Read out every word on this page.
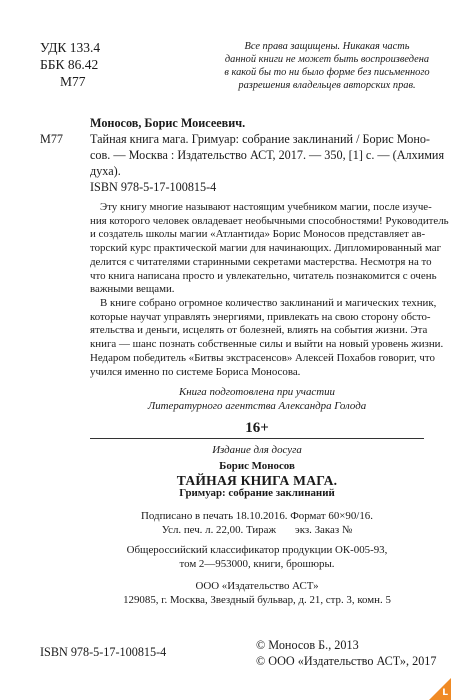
УДК 133.4
ББК 86.42
М77
Все права защищены. Никакая часть
данной книги не может быть воспроизведена
в какой бы то ни было форме без письменного
разрешения владельцев авторских прав.
Моносов, Борис Моисеевич.
М77	Тайная книга мага. Гримуар: собрание заклинаний / Борис Моно-
сов. — Москва : Издательство АСТ, 2017. — 350, [1] с. — (Алхимия
духа).
ISBN 978-5-17-100815-4
Эту книгу многие называют настоящим учебником магии, после изуче-
ния которого человек овладевает необычными способностями! Руководитель
и создатель школы магии «Атлантида» Борис Моносов представляет ав-
торский курс практической магии для начинающих. Дипломированный маг
делится с читателями старинными секретами мастерства. Несмотря на то
что книга написана просто и увлекательно, читатель познакомится с очень
важными вещами.
В книге собрано огромное количество заклинаний и магических техник,
которые научат управлять энергиями, привлекать на свою сторону обсто-
ятельства и деньги, исцелять от болезней, влиять на события жизни. Эта
книга — шанс познать собственные силы и выйти на новый уровень жизни.
Недаром победитель «Битвы экстрасенсов» Алексей Похабов говорит, что
учился именно по системе Бориса Моносова.
Книга подготовлена при участии
Литературного агентства Александра Голода
16+
Издание для досуга
Борис Моносов
ТАЙНАЯ КНИГА МАГА.
Гримуар: собрание заклинаний
Подписано в печать 18.10.2016. Формат 60×90/16.
Усл. печ. л. 22,00. Тираж       экз. Заказ №
Общероссийский классификатор продукции ОК-005-93,
том 2—953000, книги, брошюры.
ООО «Издательство АСТ»
129085, г. Москва, Звездный бульвар, д. 21, стр. 3, комн. 5
ISBN 978-5-17-100815-4	© Моносов Б., 2013
© ООО «Издательство АСТ», 2017
L
